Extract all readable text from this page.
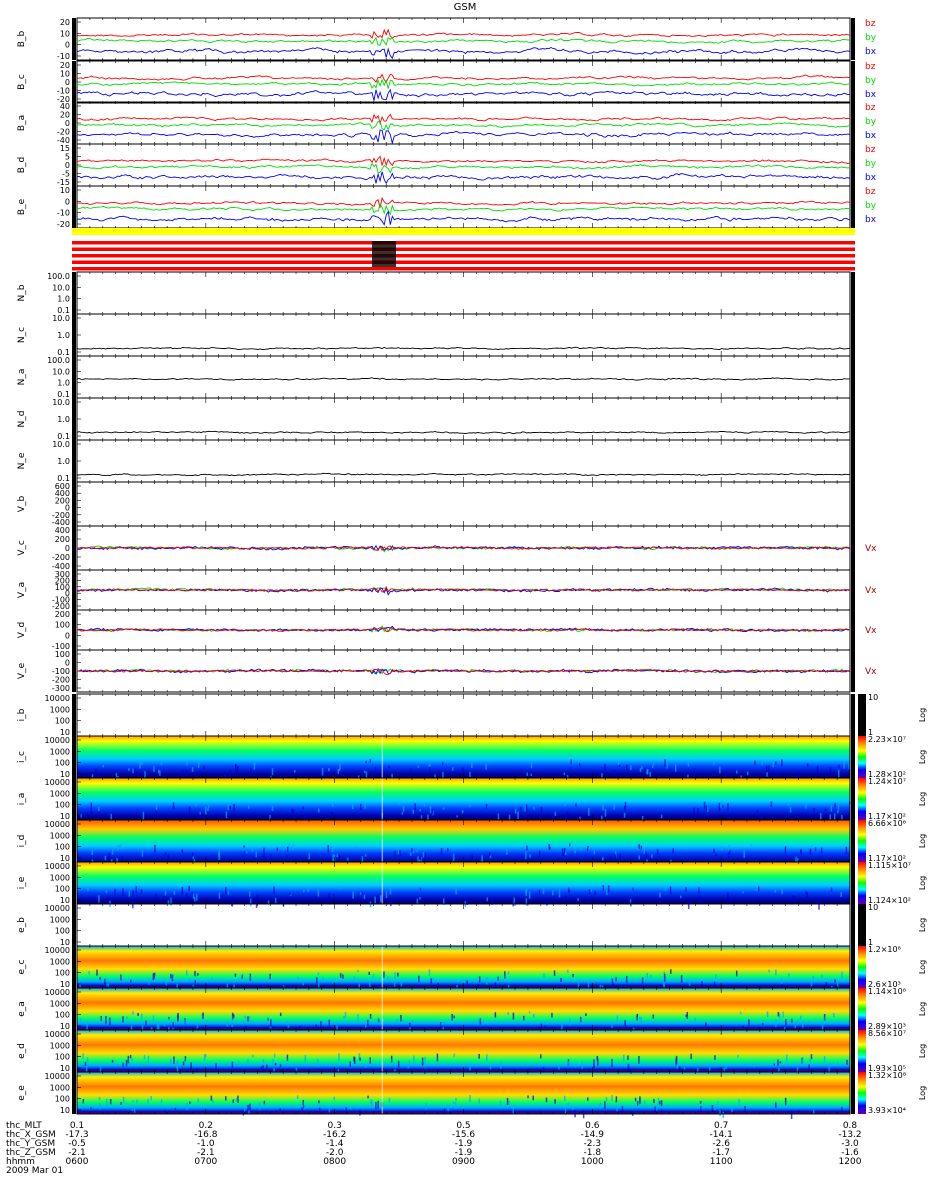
GSM
20
10
0
-10
B_b
bz
by
bx
20
10
0
-10
-20
B_c
bz
by
bx
40
20
0
-20
-40
B_a
bz
by
bx
15
5
0
-5
-15
B_d
bz
by
bx
10
0
-10
-20
B_e
bz
by
bx
100.0
10.0
1.0
0.1
N_b
10.0
1.0
0.1
N_c
100.0
10.0
1.0
0.1
N_a
10.0
1.0
0.1
N_d
10.0
1.0
0.1
N_e
600
400
200
0
-200
-400
V_b
400
200
0
-200
-400
V_c	Vx
300
200
100
0
-100
-200
V_a	Vx
200
100
0
-100
V_d	Vx
100
0
-100
-200
-300
V_e	Vx
10000
1000
100
10
i_b
10
1
Log
10000
1000
100
10
i_c
2.23×10⁷
1.28×10²
Log
10000
1000
100
10
i_a
1.24×10⁷
1.17×10²
Log
10000
1000
100
10
i_d
6.66×10⁶
1.17×10²
Log
10000
1000
100
10
i_e
1.115×10⁷
1.124×10²
Log
10000
1000
100
10
e_b
10
1
Log
10000
1000
100
10
e_c
1.2×10⁸
2.6×10³
Log
10000
1000
100
10
e_a
1.14×10⁸
2.89×10³
Log
10000
1000
100
10
e_d
8.56×10⁷
1.93×10⁵
Log
10000
1000
100
10
e_e
1.32×10⁸
3.93×10⁴
Log
thc_MLT	0.1	0.2	0.3	0.5	0.6	0.7	0.8
thc_X_GSM -17.3	-16.8	-16.2	-15.6	-14.9	-14.1	-13.2
thc_Y_GSM -0.5	-1.0	-1.4	-1.9	-2.3	-2.6	-3.0
thc_Z_GSM -2.1	-2.1	-2.0	-1.9	-1.8	-1.7	-1.6
hhmm	0600	0700	0800	0900	1000	1100	1200
2009 Mar 01
